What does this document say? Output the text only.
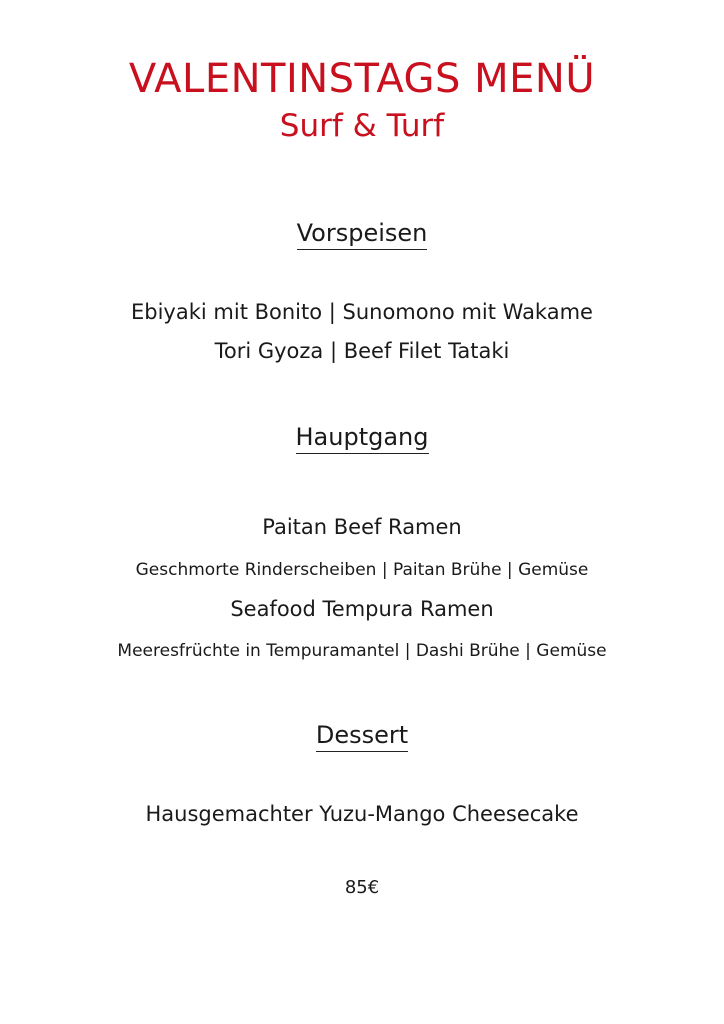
VALENTINSTAGS MENÜ
Surf & Turf
Vorspeisen
Ebiyaki mit Bonito | Sunomono mit Wakame
Tori Gyoza | Beef Filet Tataki
Hauptgang
Paitan Beef Ramen
Geschmorte Rinderscheiben | Paitan Brühe | Gemüse
Seafood Tempura Ramen
Meeresfrüchte in Tempuramantel | Dashi Brühe | Gemüse
Dessert
Hausgemachter Yuzu-Mango Cheesecake
85€
